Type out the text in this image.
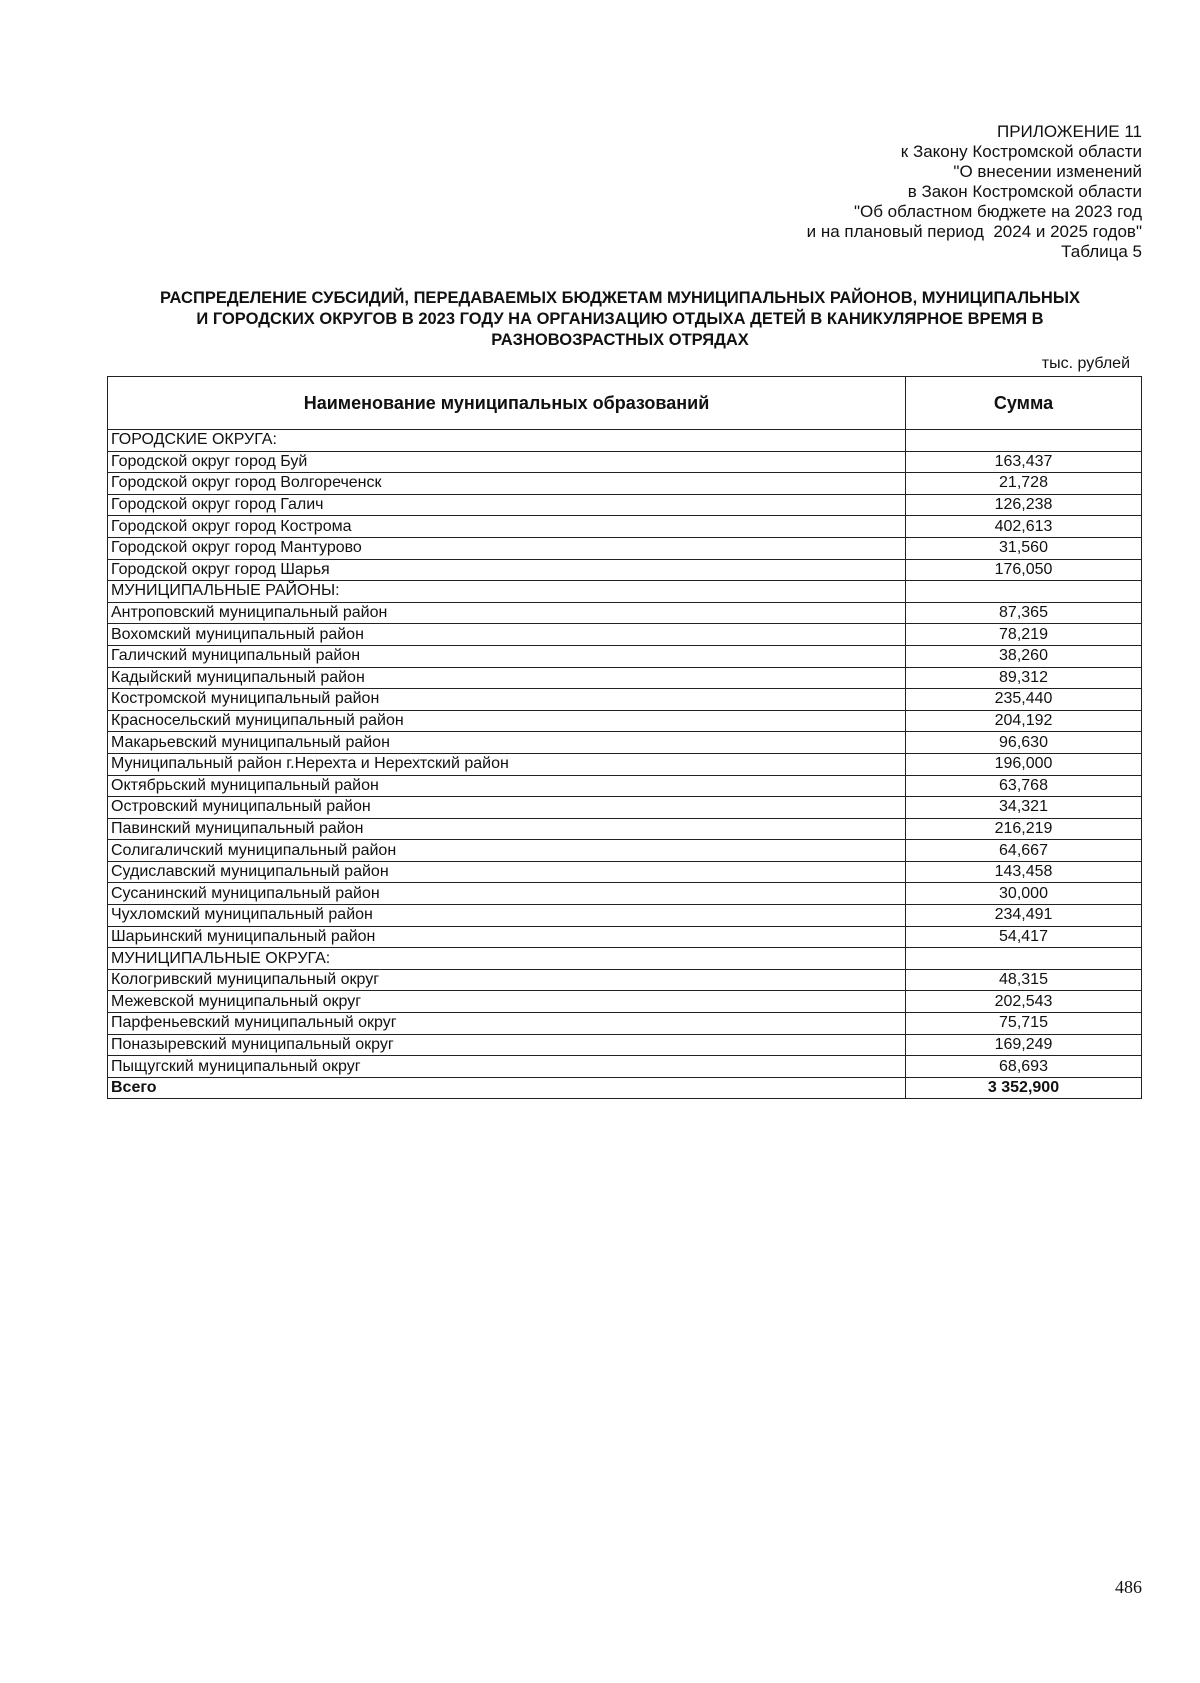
ПРИЛОЖЕНИЕ 11
к Закону Костромской области
"О внесении изменений
в Закон Костромской области
"Об областном бюджете на 2023 год
и на плановый период  2024 и 2025 годов"
Таблица 5
РАСПРЕДЕЛЕНИЕ СУБСИДИЙ, ПЕРЕДАВАЕМЫХ БЮДЖЕТАМ МУНИЦИПАЛЬНЫХ РАЙОНОВ, МУНИЦИПАЛЬНЫХ
И ГОРОДСКИХ ОКРУГОВ В 2023 ГОДУ НА ОРГАНИЗАЦИЮ ОТДЫХА ДЕТЕЙ В КАНИКУЛЯРНОЕ ВРЕМЯ В
РАЗНОВОЗРАСТНЫХ ОТРЯДАХ
тыс. рублей
Наименование муниципальных образований	Сумма
ГОРОДСКИЕ ОКРУГА:	
Городской округ город Буй	163,437
Городской округ город Волгореченск	21,728
Городской округ город Галич	126,238
Городской округ город Кострома	402,613
Городской округ город Мантурово	31,560
Городской округ город Шарья	176,050
МУНИЦИПАЛЬНЫЕ РАЙОНЫ:	
Антроповский муниципальный район	87,365
Вохомский муниципальный район	78,219
Галичский муниципальный район	38,260
Кадыйский муниципальный район	89,312
Костромской муниципальный район	235,440
Красносельский муниципальный район	204,192
Макарьевский муниципальный район	96,630
Муниципальный район г.Нерехта и Нерехтский район	196,000
Октябрьский муниципальный район	63,768
Островский муниципальный район	34,321
Павинский муниципальный район	216,219
Солигаличский муниципальный район	64,667
Судиславский муниципальный район	143,458
Сусанинский муниципальный район	30,000
Чухломский муниципальный район	234,491
Шарьинский муниципальный район	54,417
МУНИЦИПАЛЬНЫЕ ОКРУГА:	
Кологривский муниципальный округ	48,315
Межевской муниципальный округ	202,543
Парфеньевский муниципальный округ	75,715
Поназыревский муниципальный округ	169,249
Пыщугский муниципальный округ	68,693
Всего	3 352,900
486
